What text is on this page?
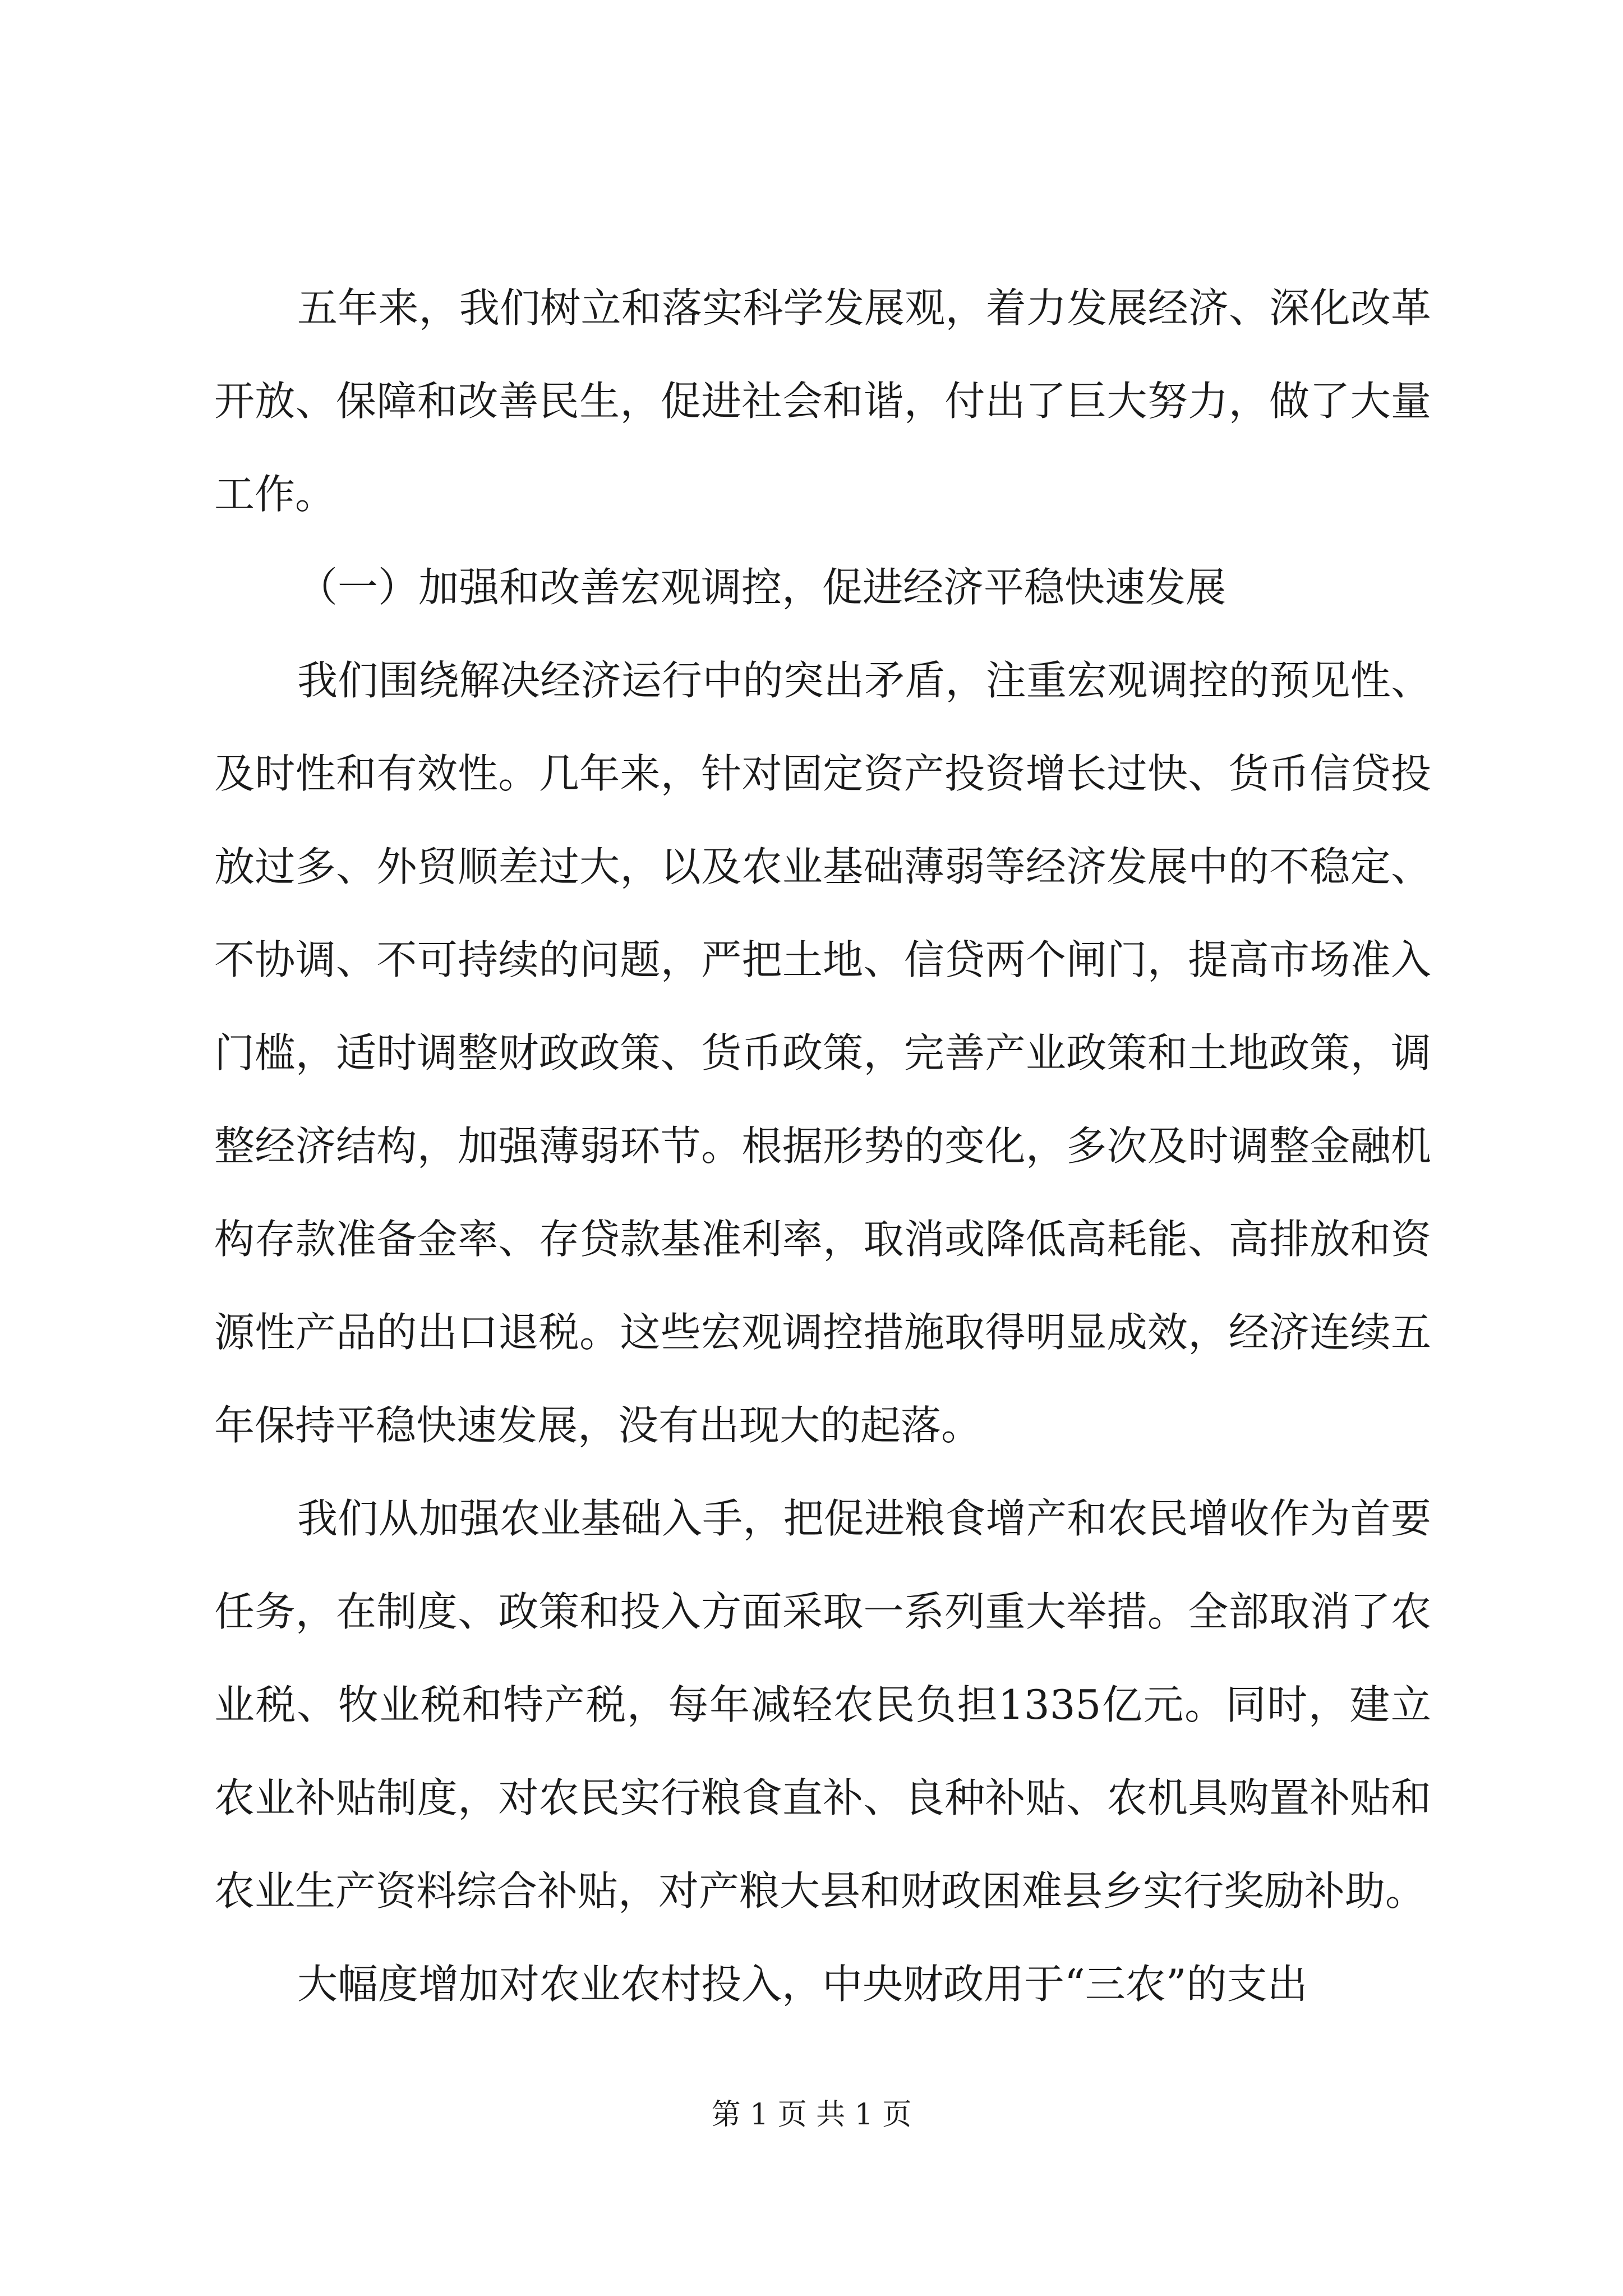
五年来，我们树立和落实科学发展观，着力发展经济、深化改革开放、保障和改善民生，促进社会和谐，付出了巨大努力，做了大量工作。

（一）加强和改善宏观调控，促进经济平稳快速发展

我们围绕解决经济运行中的突出矛盾，注重宏观调控的预见性、及时性和有效性。几年来，针对固定资产投资增长过快、货币信贷投放过多、外贸顺差过大，以及农业基础薄弱等经济发展中的不稳定、不协调、不可持续的问题，严把土地、信贷两个闸门，提高市场准入门槛，适时调整财政政策、货币政策，完善产业政策和土地政策，调整经济结构，加强薄弱环节。根据形势的变化，多次及时调整金融机构存款准备金率、存贷款基准利率，取消或降低高耗能、高排放和资源性产品的出口退税。这些宏观调控措施取得明显成效，经济连续五年保持平稳快速发展，没有出现大的起落。

我们从加强农业基础入手，把促进粮食增产和农民增收作为首要任务，在制度、政策和投入方面采取一系列重大举措。全部取消了农业税、牧业税和特产税，每年减轻农民负担1335亿元。同时，建立农业补贴制度，对农民实行粮食直补、良种补贴、农机具购置补贴和农业生产资料综合补贴，对产粮大县和财政困难县乡实行奖励补助。

大幅度增加对农业农村投入，中央财政用于“三农”的支出

第 1 页 共 1 页
